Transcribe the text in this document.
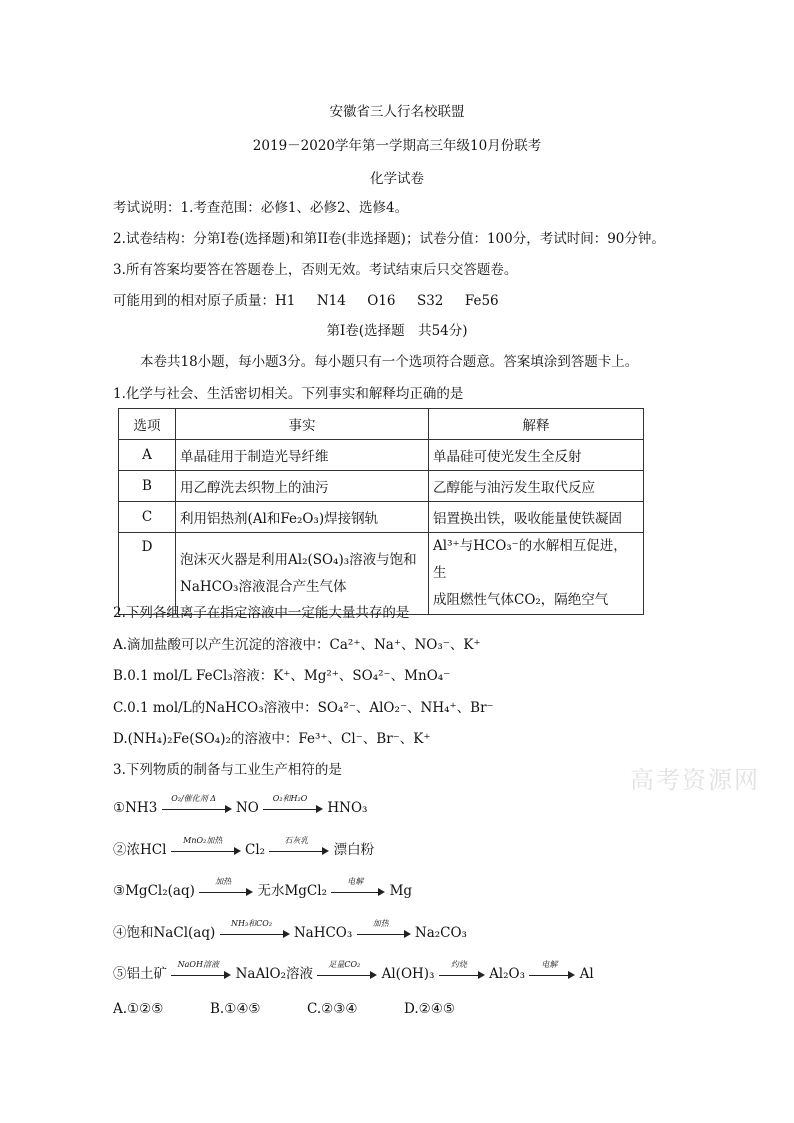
安徽省三人行名校联盟
2019－2020学年第一学期高三年级10月份联考
化学试卷
考试说明：1.考查范围：必修1、必修2、选修4。
2.试卷结构：分第I卷(选择题)和第II卷(非选择题)；试卷分值：100分，考试时间：90分钟。
3.所有答案均要答在答题卷上，否则无效。考试结束后只交答题卷。
可能用到的相对原子质量：H1     N14     O16     S32     Fe56
第I卷(选择题　共54分)
本卷共18小题，每小题3分。每小题只有一个选项符合题意。答案填涂到答题卡上。
1.化学与社会、生活密切相关。下列事实和解释均正确的是
选项	事实	解释
A	单晶硅用于制造光导纤维	单晶硅可使光发生全反射
B	用乙醇洗去织物上的油污	乙醇能与油污发生取代反应
C	利用铝热剂(Al和Fe₂O₃)焊接钢轨	铝置换出铁，吸收能量使铁凝固
D	泡沫灭火器是利用Al₂(SO₄)₃溶液与饱和
NaHCO₃溶液混合产生气体	Al³⁺与HCO₃⁻的水解相互促进，生
成阻燃性气体CO₂，隔绝空气
2.下列各组离子在指定溶液中一定能大量共存的是
A.滴加盐酸可以产生沉淀的溶液中：Ca²⁺、Na⁺、NO₃⁻、K⁺
B.0.1 mol/L FeCl₃溶液：K⁺、Mg²⁺、SO₄²⁻、MnO₄⁻
C.0.1 mol/L的NaHCO₃溶液中：SO₄²⁻、AlO₂⁻、NH₄⁺、Br⁻
D.(NH₄)₂Fe(SO₄)₂的溶液中：Fe³⁺、Cl⁻、Br⁻、K⁺
3.下列物质的制备与工业生产相符的是	高考资源网
①NH3
O₂/催化剂 Δ
NO
O₂和H₂O
HNO₃
②浓HCl
MnO₂加热
Cl₂
石灰乳
漂白粉
③MgCl₂(aq)
加热
无水MgCl₂
电解
Mg
④饱和NaCl(aq)
NH₃和CO₂
NaHCO₃
加热
Na₂CO₃
⑤铝土矿
NaOH溶液
NaAlO₂溶液
足量CO₂
Al(OH)₃
灼烧
Al₂O₃
电解
Al
A.①②⑤	B.①④⑤	C.②③④	D.②④⑤
